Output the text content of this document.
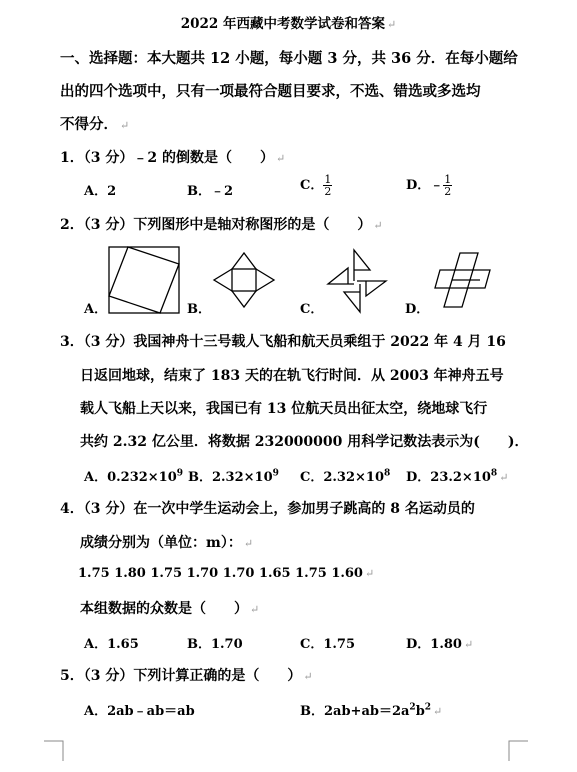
2022 年西藏中考数学试卷和答案 ↵
一、选择题：本大题共 12 小题，每小题 3 分，共 36 分．在每小题给
出的四个选项中，只有一项最符合题目要求，不选、错选或多选均
不得分． ↵
1．（3 分）﹣2 的倒数是（　　） ↵
A．2	B．﹣2	C． $\frac{1}{2}$	D．﹣ $\frac{1}{2}$
2．（3 分）下列图形中是轴对称图形的是（　　） ↵
A．	B．	C．	D．
3．（3 分）我国神舟十三号载人飞船和航天员乘组于 2022 年 4 月 16
日返回地球，结束了 183 天的在轨飞行时间．从 2003 年神舟五号
载人飞船上天以来，我国已有 13 位航天员出征太空，绕地球飞行
共约 2.32 亿公里．将数据 232000000 用科学记数法表示为(　　)．
A．$0.232\times 10^9$ B．$2.32\times 10^9$ C．$2.32\times 10^8$ D．$23.2\times 10^8$ ↵
4．（3 分）在一次中学生运动会上，参加男子跳高的 8 名运动员的
成绩分别为（单位：m）： ↵
1.75 1.80 1.75 1.70 1.70 1.65 1.75 1.60 ↵
本组数据的众数是（　　） ↵
A．1.65	B．1.70	C．1.75	D．1.80 ↵
5．（3 分）下列计算正确的是（　　） ↵
A．2ab﹣ab＝ab	B．$2ab+ab=2a^2b^2$ ↵
